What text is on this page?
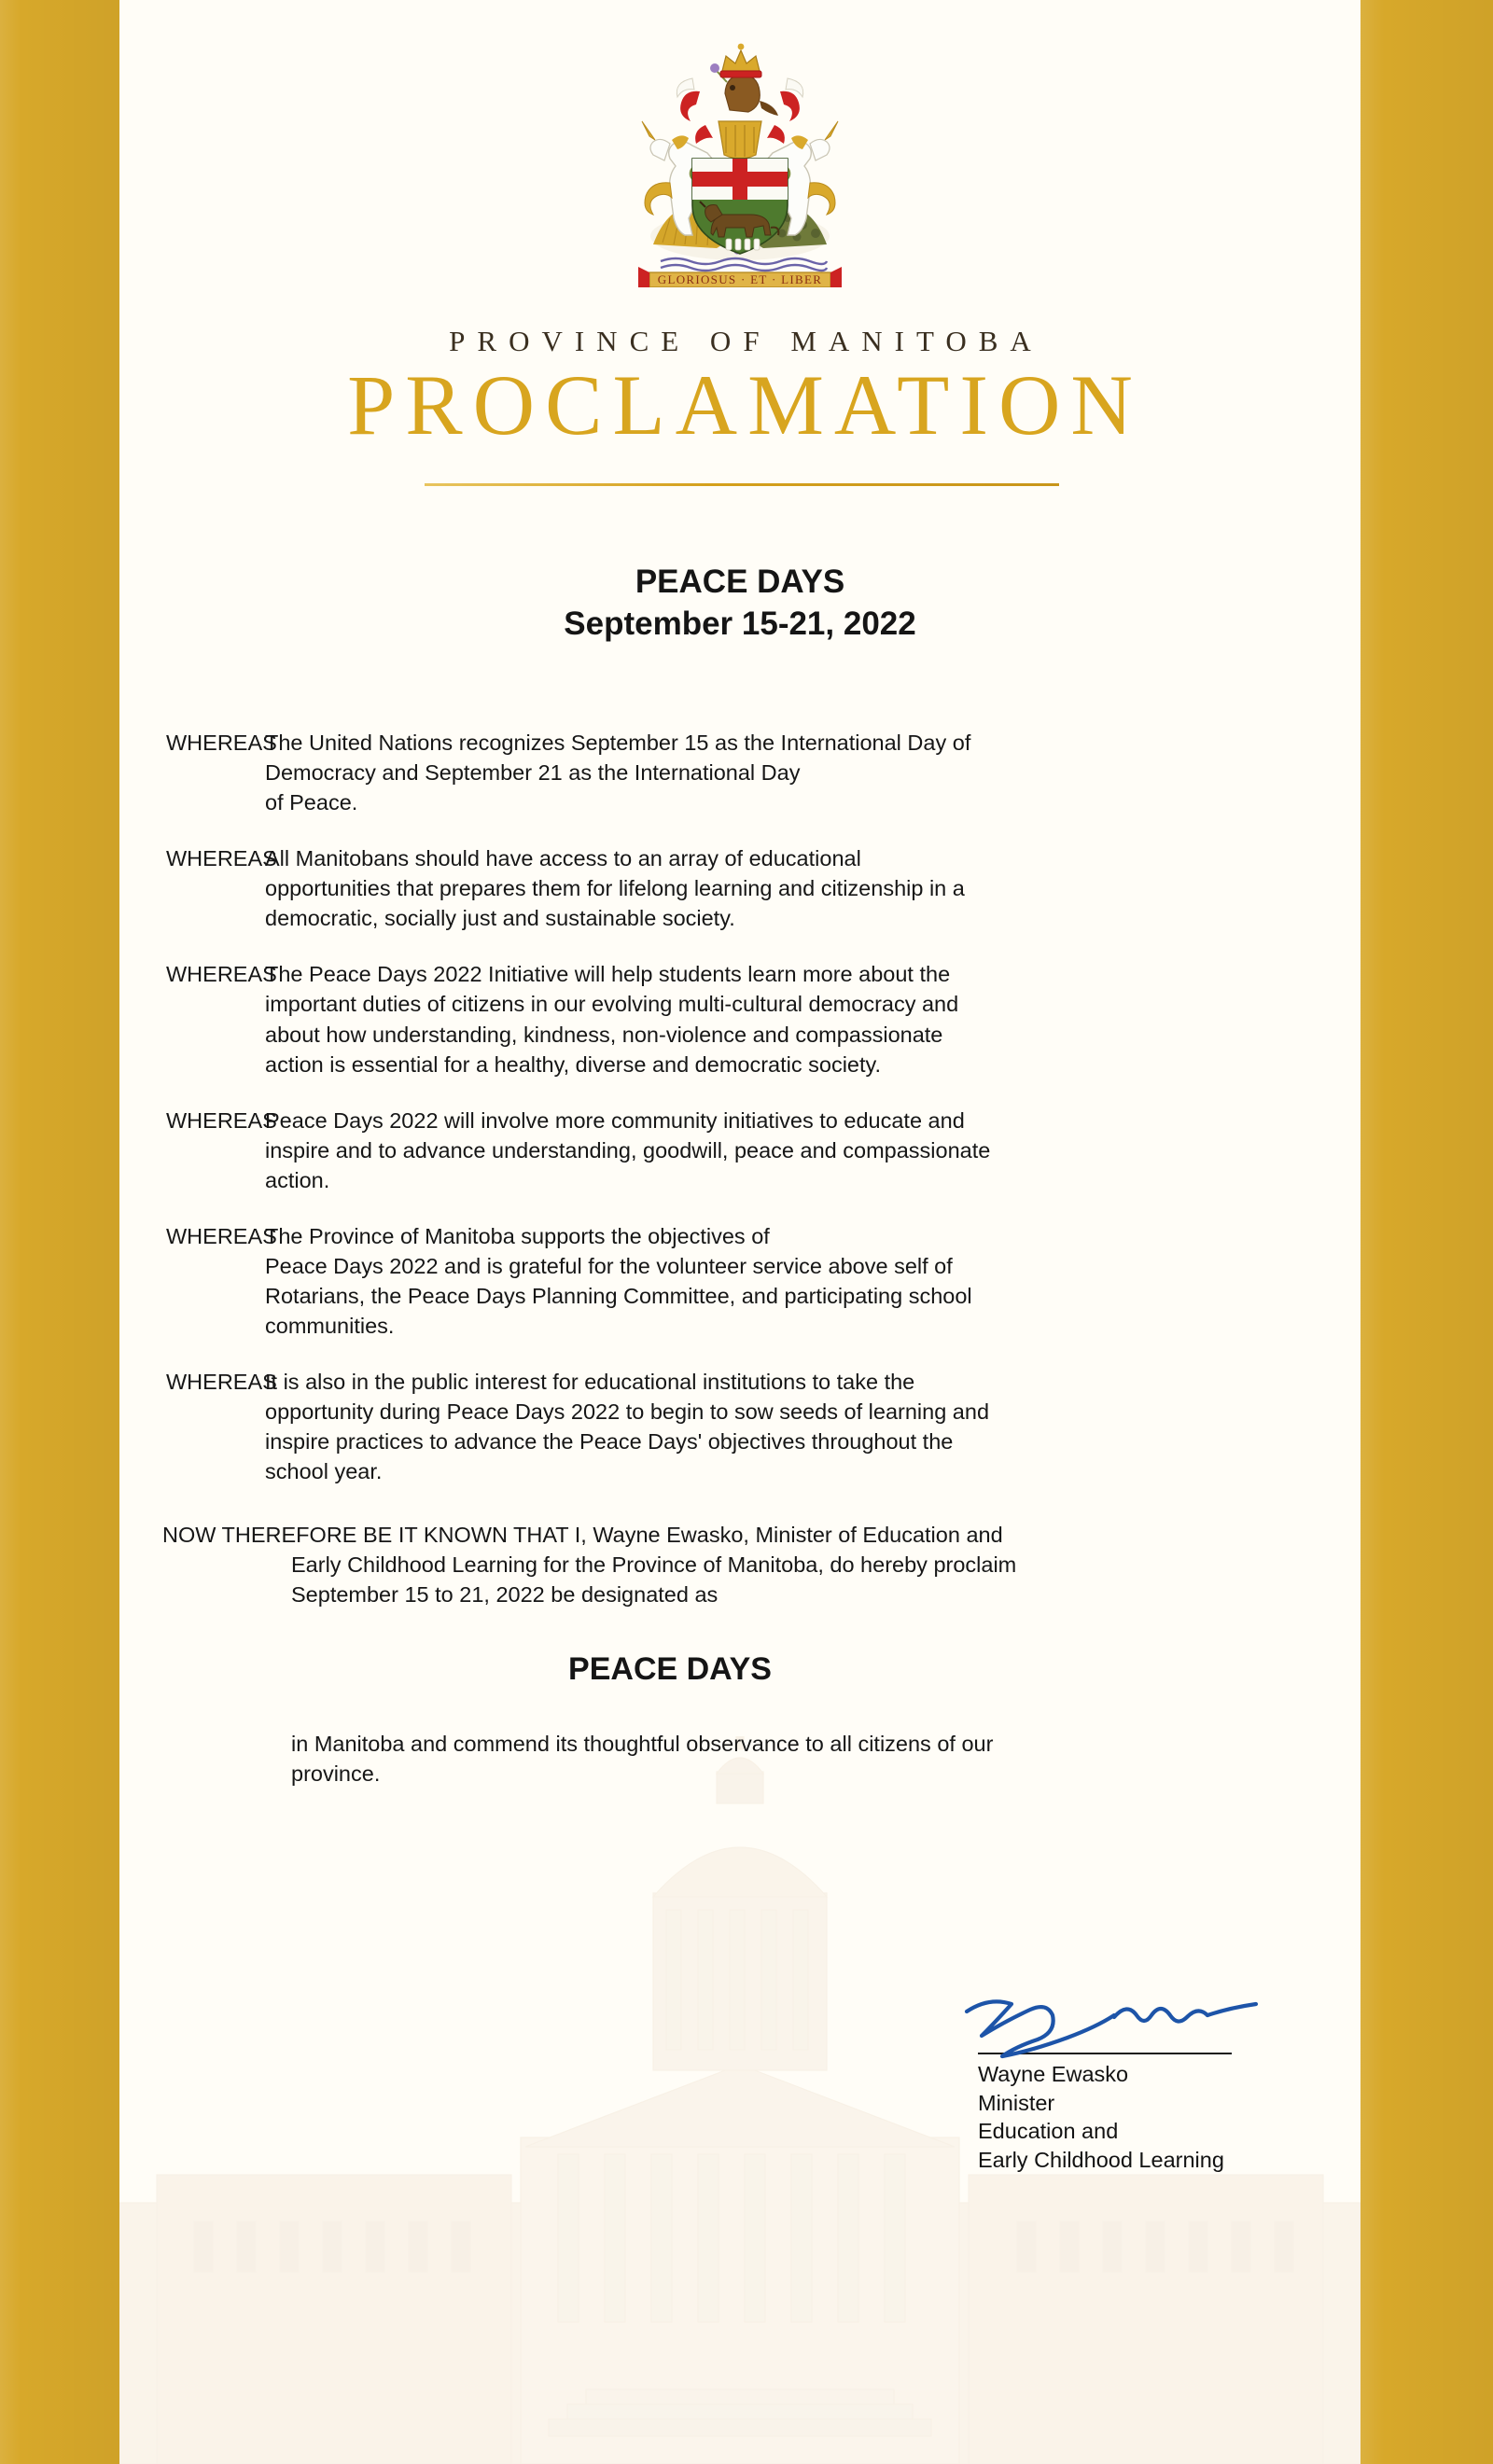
GLORIOSUS · ET · LIBER
PROVINCE OF MANITOBA
PROCLAMATION
PEACE DAYS
September 15-21, 2022
WHEREAS
The United Nations recognizes September 15 as the International Day of
Democracy and September 21 as the International Day
of Peace.
WHEREAS
All Manitobans should have access to an array of educational
opportunities that prepares them for lifelong learning and citizenship in a
democratic, socially just and sustainable society.
WHEREAS
The Peace Days 2022 Initiative will help students learn more about the
important duties of citizens in our evolving multi-cultural democracy and
about how understanding, kindness, non-violence and compassionate
action is essential for a healthy, diverse and democratic society.
WHEREAS
Peace Days 2022 will involve more community initiatives to educate and
inspire and to advance understanding, goodwill, peace and compassionate
action.
WHEREAS
The Province of Manitoba supports the objectives of
Peace Days 2022 and is grateful for the volunteer service above self of
Rotarians, the Peace Days Planning Committee, and participating school
communities.
WHEREAS
It is also in the public interest for educational institutions to take the
opportunity during Peace Days 2022 to begin to sow seeds of learning and
inspire practices to advance the Peace Days' objectives throughout the
school year.
NOW THEREFORE BE IT KNOWN THAT I, Wayne Ewasko, Minister of Education and
Early Childhood Learning for the Province of Manitoba, do hereby proclaim
September 15 to 21, 2022 be designated as
PEACE DAYS
in Manitoba and commend its thoughtful observance to all citizens of our
province.
Wayne Ewasko
Minister
Education and
Early Childhood Learning
